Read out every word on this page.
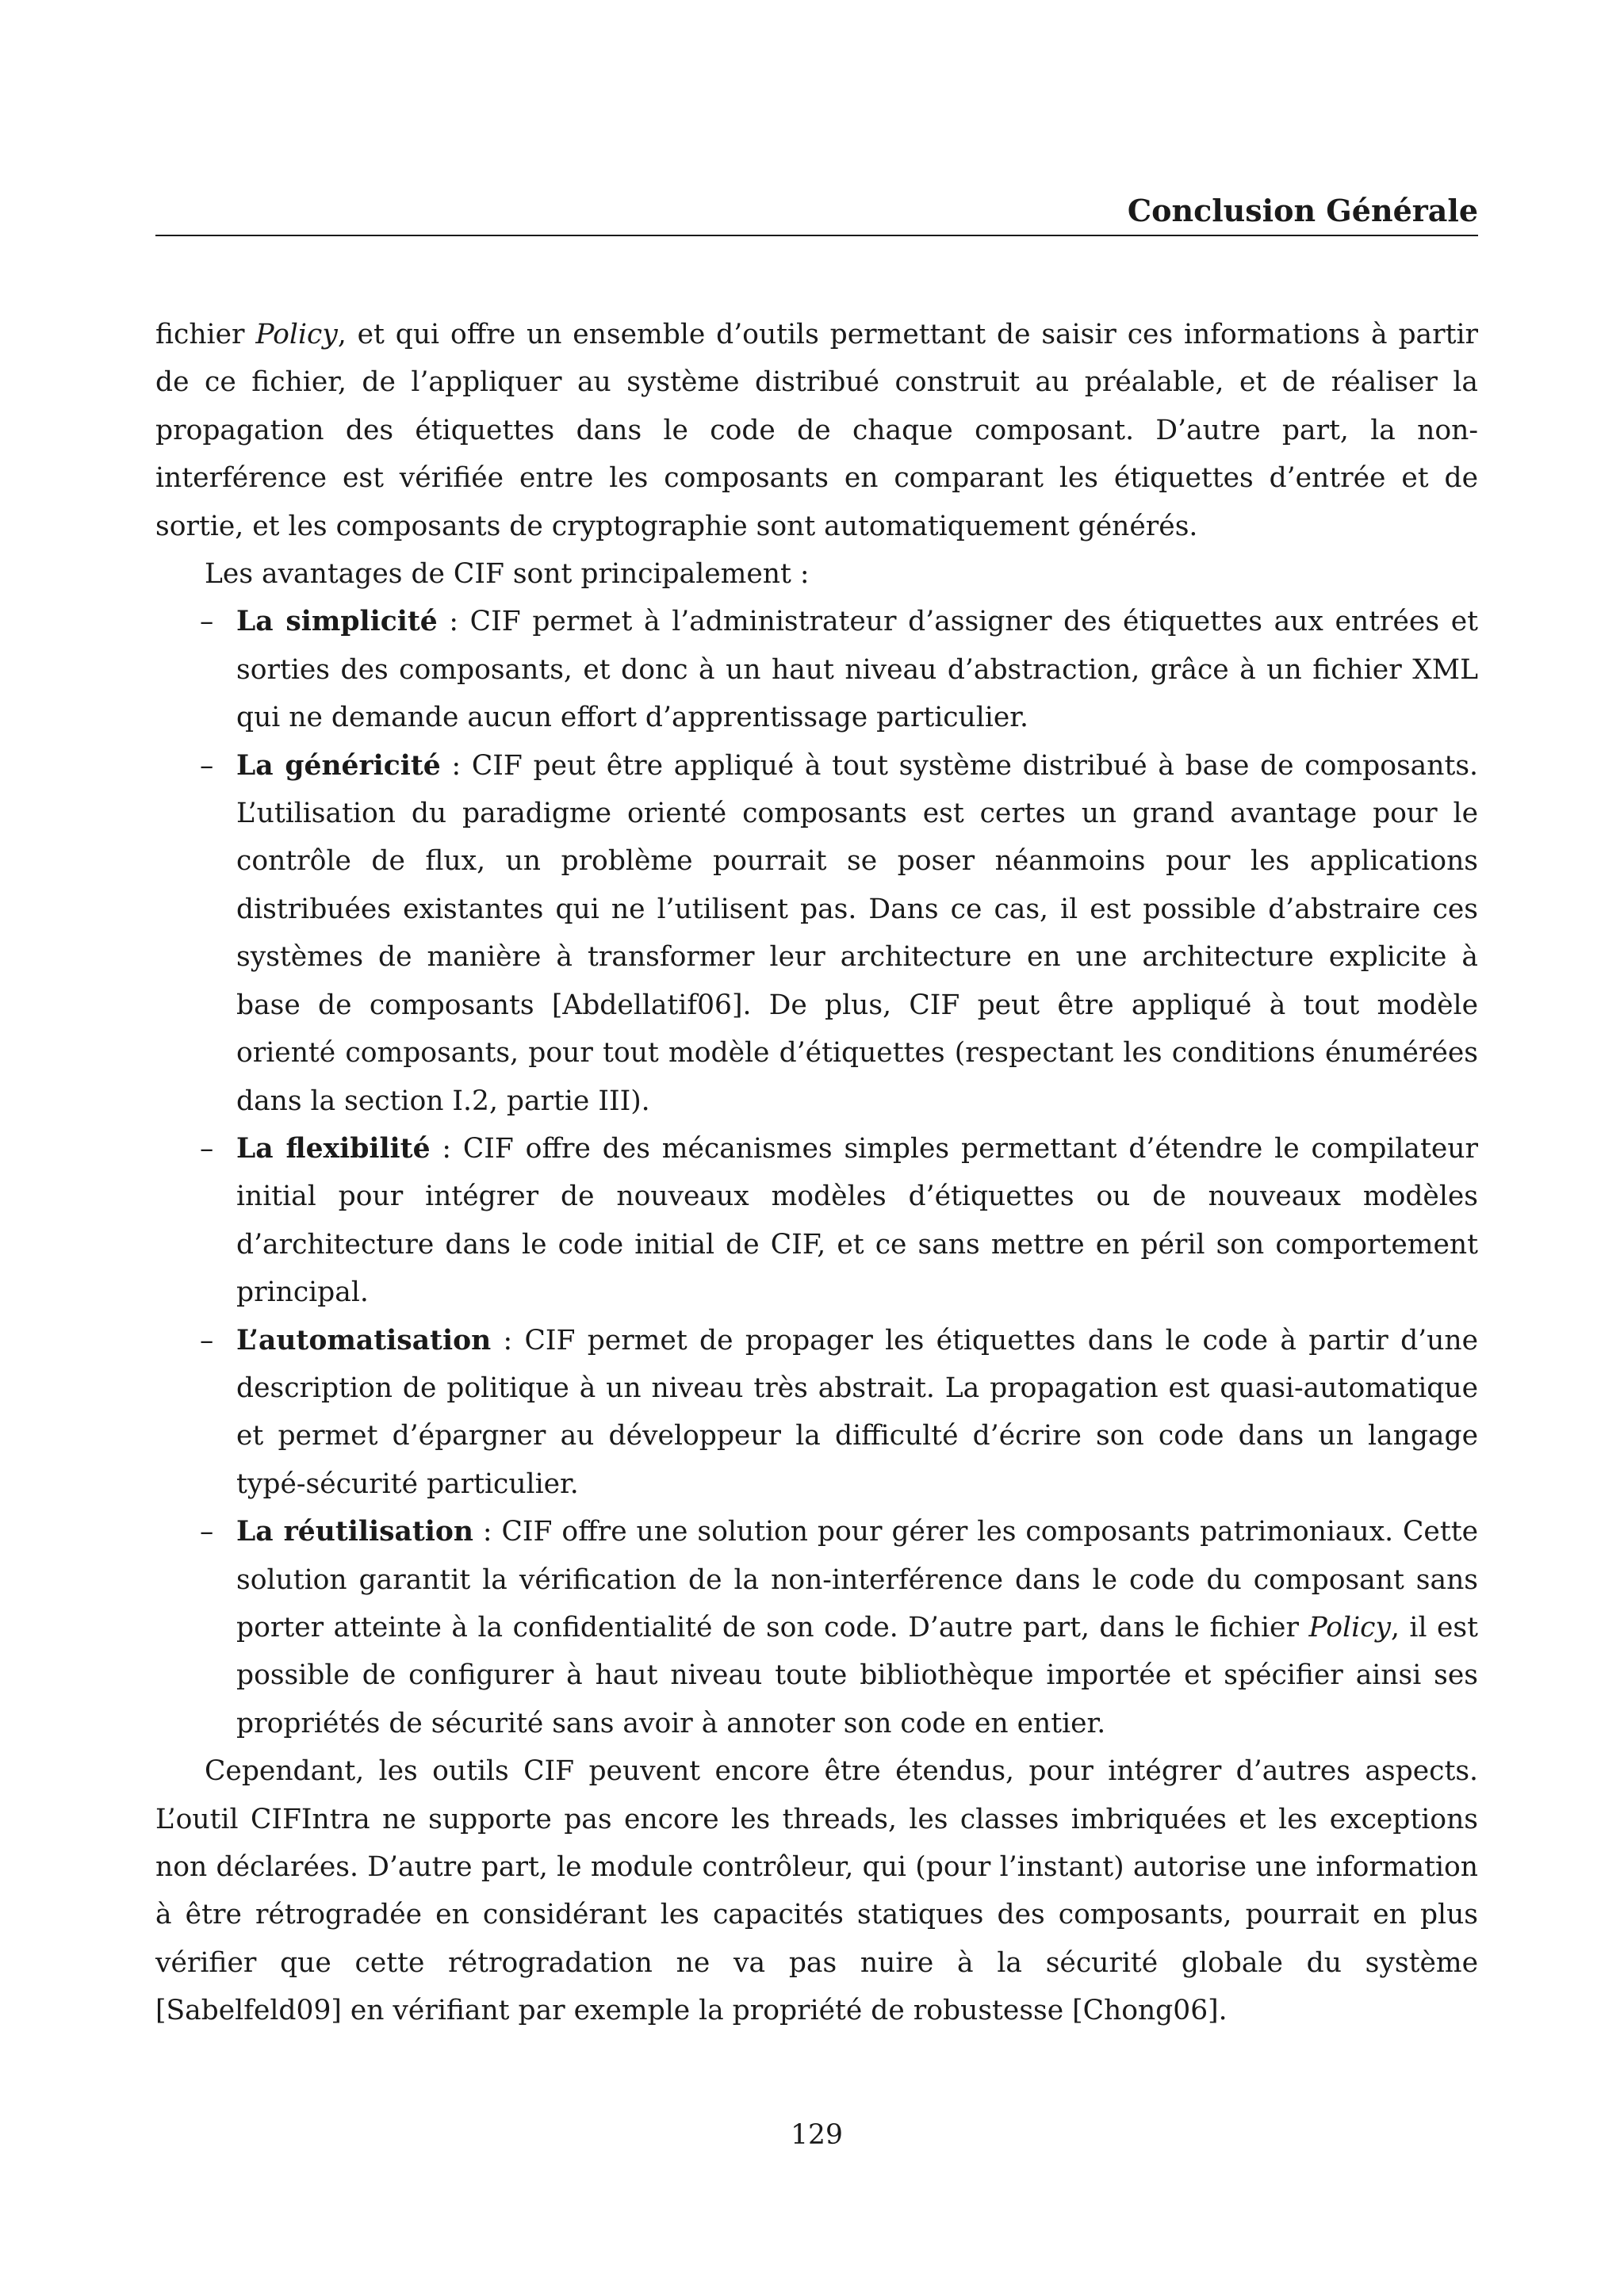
Conclusion Générale

fichier Policy, et qui offre un ensemble d’outils permettant de saisir ces informations à partir de ce fichier, de l’appliquer au système distribué construit au préalable, et de réaliser la propagation des étiquettes dans le code de chaque composant. D’autre part, la non-interférence est vérifiée entre les composants en comparant les étiquettes d’entrée et de sortie, et les composants de cryptographie sont automatiquement générés.

Les avantages de CIF sont principalement :

– La simplicité : CIF permet à l’administrateur d’assigner des étiquettes aux entrées et sorties des composants, et donc à un haut niveau d’abstraction, grâce à un fichier XML qui ne demande aucun effort d’apprentissage particulier.
– La généricité : CIF peut être appliqué à tout système distribué à base de composants. L’utilisation du paradigme orienté composants est certes un grand avantage pour le contrôle de flux, un problème pourrait se poser néanmoins pour les applications distribuées existantes qui ne l’utilisent pas. Dans ce cas, il est possible d’abstraire ces systèmes de manière à transformer leur architecture en une architecture explicite à base de composants [Abdellatif06]. De plus, CIF peut être appliqué à tout modèle orienté composants, pour tout modèle d’étiquettes (respectant les conditions énumérées dans la section I.2, partie III).
– La flexibilité : CIF offre des mécanismes simples permettant d’étendre le compilateur initial pour intégrer de nouveaux modèles d’étiquettes ou de nouveaux modèles d’architecture dans le code initial de CIF, et ce sans mettre en péril son comportement principal.
– L’automatisation : CIF permet de propager les étiquettes dans le code à partir d’une description de politique à un niveau très abstrait. La propagation est quasi-automatique et permet d’épargner au développeur la difficulté d’écrire son code dans un langage typé-sécurité particulier.
– La réutilisation : CIF offre une solution pour gérer les composants patrimoniaux. Cette solution garantit la vérification de la non-interférence dans le code du composant sans porter atteinte à la confidentialité de son code. D’autre part, dans le fichier Policy, il est possible de configurer à haut niveau toute bibliothèque importée et spécifier ainsi ses propriétés de sécurité sans avoir à annoter son code en entier.

Cependant, les outils CIF peuvent encore être étendus, pour intégrer d’autres aspects. L’outil CIFIntra ne supporte pas encore les threads, les classes imbriquées et les exceptions non déclarées. D’autre part, le module contrôleur, qui (pour l’instant) autorise une information à être rétrogradée en considérant les capacités statiques des composants, pourrait en plus vérifier que cette rétrogradation ne va pas nuire à la sécurité globale du système [Sabelfeld09] en vérifiant par exemple la propriété de robustesse [Chong06].

129
